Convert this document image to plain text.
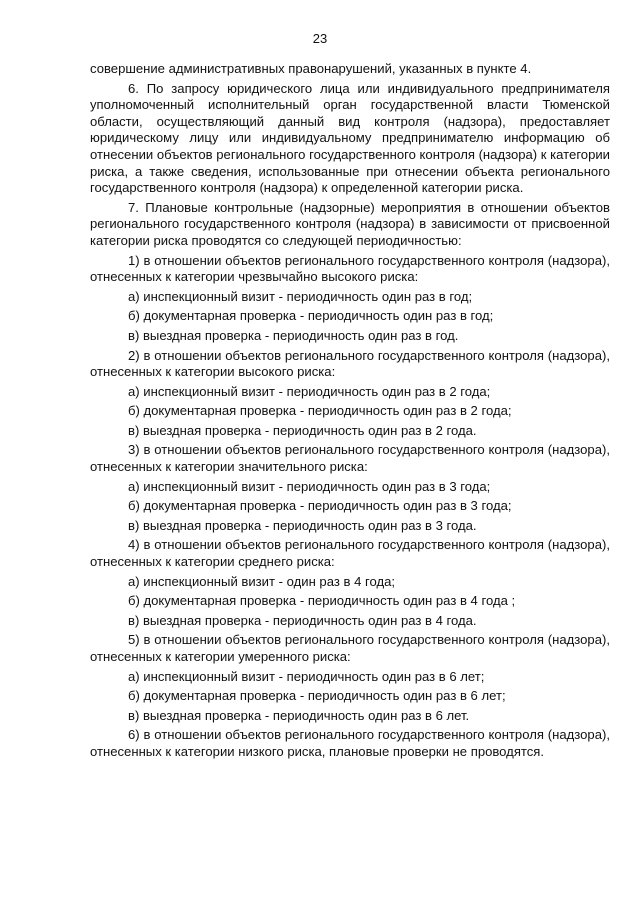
23

совершение административных правонарушений, указанных в пункте 4.

6. По запросу юридического лица или индивидуального предпринимателя уполномоченный исполнительный орган государственной власти Тюменской области, осуществляющий данный вид контроля (надзора), предоставляет юридическому лицу или индивидуальному предпринимателю информацию об отнесении объектов регионального государственного контроля (надзора) к категории риска, а также сведения, использованные при отнесении объекта регионального государственного контроля (надзора) к определенной категории риска.

7. Плановые контрольные (надзорные) мероприятия в отношении объектов регионального государственного контроля (надзора) в зависимости от присвоенной категории риска проводятся со следующей периодичностью:

1) в отношении объектов регионального государственного контроля (надзора), отнесенных к категории чрезвычайно высокого риска:

а) инспекционный визит - периодичность один раз в год;

б) документарная проверка - периодичность один раз в год;

в) выездная проверка - периодичность один раз в год.

2) в отношении объектов регионального государственного контроля (надзора), отнесенных к категории высокого риска:

а) инспекционный визит - периодичность один раз в 2 года;

б) документарная проверка - периодичность один раз в 2 года;

в) выездная проверка - периодичность один раз в 2 года.

3) в отношении объектов регионального государственного контроля (надзора), отнесенных к категории значительного риска:

а) инспекционный визит - периодичность один раз в 3 года;

б) документарная проверка - периодичность один раз в 3 года;

в) выездная проверка - периодичность один раз в 3 года.

4) в отношении объектов регионального государственного контроля (надзора), отнесенных к категории среднего риска:

а) инспекционный визит - один раз в 4 года;

б) документарная проверка - периодичность один раз в 4 года ;

в) выездная проверка - периодичность один раз в 4 года.

5) в отношении объектов регионального государственного контроля (надзора), отнесенных к категории умеренного риска:

а) инспекционный визит - периодичность один раз в 6 лет;

б) документарная проверка - периодичность один раз в 6 лет;

в) выездная проверка - периодичность один раз в 6 лет.

6) в отношении объектов регионального государственного контроля (надзора), отнесенных к категории низкого риска, плановые проверки не проводятся.
